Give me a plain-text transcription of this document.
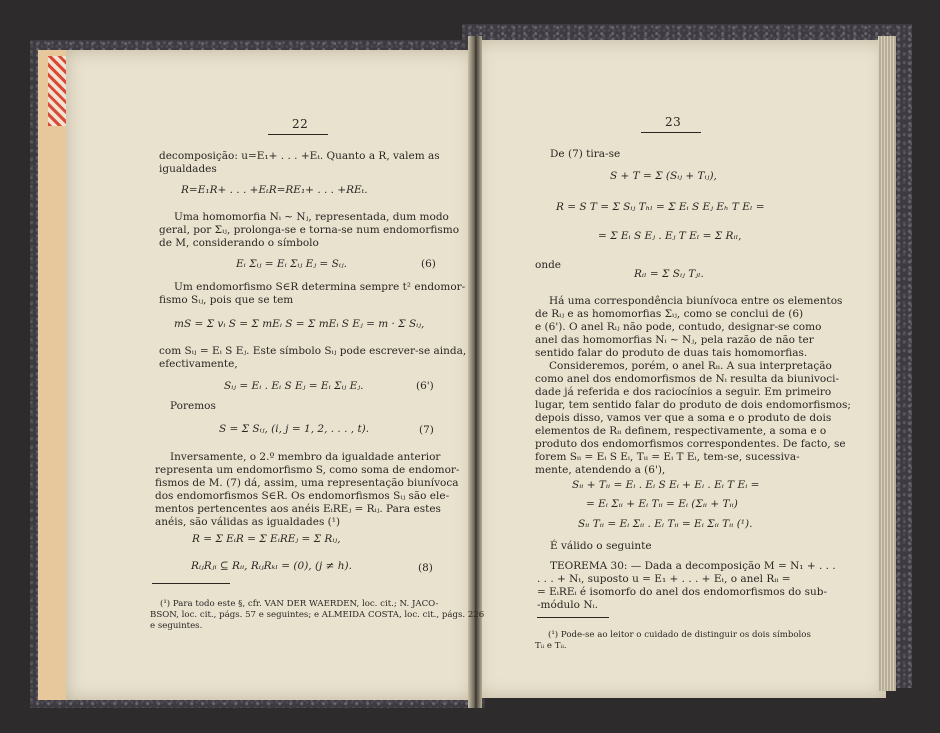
22
decomposição: u=E₁+ . . . +Eₜ. Quanto a R, valem as
igualdades
R=E₁R+ . . . +EₜR=RE₁+ . . . +REₜ.
Uma homomorfia Nᵢ ∼ Nⱼ, representada, dum modo
geral, por Σᵢⱼ, prolonga-se e torna-se num endomorfismo
de M, considerando o símbolo
Eᵢ Σᵢⱼ = Eᵢ Σᵢⱼ Eⱼ = Sᵢⱼ.	(6)
Um endomorfismo S∈R determina sempre t² endomor-
fismo Sᵢⱼ, pois que se tem
mS = Σ vᵢ S = Σ mEᵢ S = Σ mEᵢ S Eⱼ = m · Σ Sᵢⱼ,
com Sᵢⱼ = Eᵢ S Eⱼ. Este símbolo Sᵢⱼ pode escrever-se ainda,
efectivamente,
Sᵢⱼ = Eᵢ . Eᵢ S Eⱼ = Eᵢ Σᵢⱼ Eⱼ.	(6')
Poremos
S = Σ Sᵢⱼ, (i, j = 1, 2, . . . , t).	(7)
Inversamente, o 2.º membro da igualdade anterior
representa um endomorfismo S, como soma de endomor-
fismos de M. (7) dá, assim, uma representação biunívoca
dos endomorfismos S∈R. Os endomorfismos Sᵢⱼ são ele-
mentos pertencentes aos anéis EᵢREⱼ = Rᵢⱼ. Para estes
anéis, são válidas as igualdades (¹)
R = Σ EᵢR = Σ EᵢREⱼ = Σ Rᵢⱼ,
RᵢⱼRⱼᵢ ⊆ Rᵢᵢ, RᵢⱼRₖₗ = (0), (j ≠ h).	(8)
(¹) Para todo este §, cfr. VAN DER WAERDEN, loc. cit.; N. JACO-
BSON, loc. cit., págs. 57 e seguintes; e ALMEIDA COSTA, loc. cit., págs. 226
e seguintes.
23
De (7) tira-se
S + T = Σ (Sᵢⱼ + Tᵢⱼ),
R = S T = Σ Sᵢⱼ Tₕₗ = Σ Eᵢ S Eⱼ Eₕ T Eₗ =
= Σ Eᵢ S Eⱼ . Eⱼ T Eₗ = Σ Rᵢₗ,
onde
Rᵢₗ = Σ Sᵢⱼ Tⱼₗ.
Há uma correspondência biunívoca entre os elementos
de Rᵢⱼ e as homomorfias Σᵢⱼ, como se conclui de (6)
e (6'). O anel Rᵢⱼ não pode, contudo, designar-se como
anel das homomorfias Nᵢ ∼ Nⱼ, pela razão de não ter
sentido falar do produto de duas tais homomorfias.
Consideremos, porém, o anel Rᵢᵢ. A sua interpretação
como anel dos endomorfismos de Nᵢ resulta da biunivoci-
dade já referida e dos raciocínios a seguir. Em primeiro
lugar, tem sentido falar do produto de dois endomorfismos;
depois disso, vamos ver que a soma e o produto de dois
elementos de Rᵢᵢ definem, respectivamente, a soma e o
produto dos endomorfismos correspondentes. De facto, se
forem Sᵢᵢ = Eᵢ S Eᵢ, Tᵢᵢ = Eᵢ T Eᵢ, tem-se, sucessiva-
mente, atendendo a (6'),
Sᵢᵢ + Tᵢᵢ = Eᵢ . Eᵢ S Eᵢ + Eᵢ . Eᵢ T Eᵢ =
= Eᵢ Σᵢᵢ + Eᵢ Tᵢᵢ = Eᵢ (Σᵢᵢ + Tᵢᵢ)
Sᵢᵢ Tᵢᵢ = Eᵢ Σᵢᵢ . Eᵢ Tᵢᵢ = Eᵢ Σᵢᵢ Tᵢᵢ (¹).
É válido o seguinte
TEOREMA 30: — Dada a decomposição M = N₁ + . . .
. . . + Nₜ, suposto u = E₁ + . . . + Eₜ, o anel Rᵢᵢ =
= EᵢREᵢ é isomorfo do anel dos endomorfismos do sub-
-módulo Nᵢ.
(¹) Pode-se ao leitor o cuidado de distinguir os dois símbolos
Tᵢᵢ e Tᵢᵢ.
